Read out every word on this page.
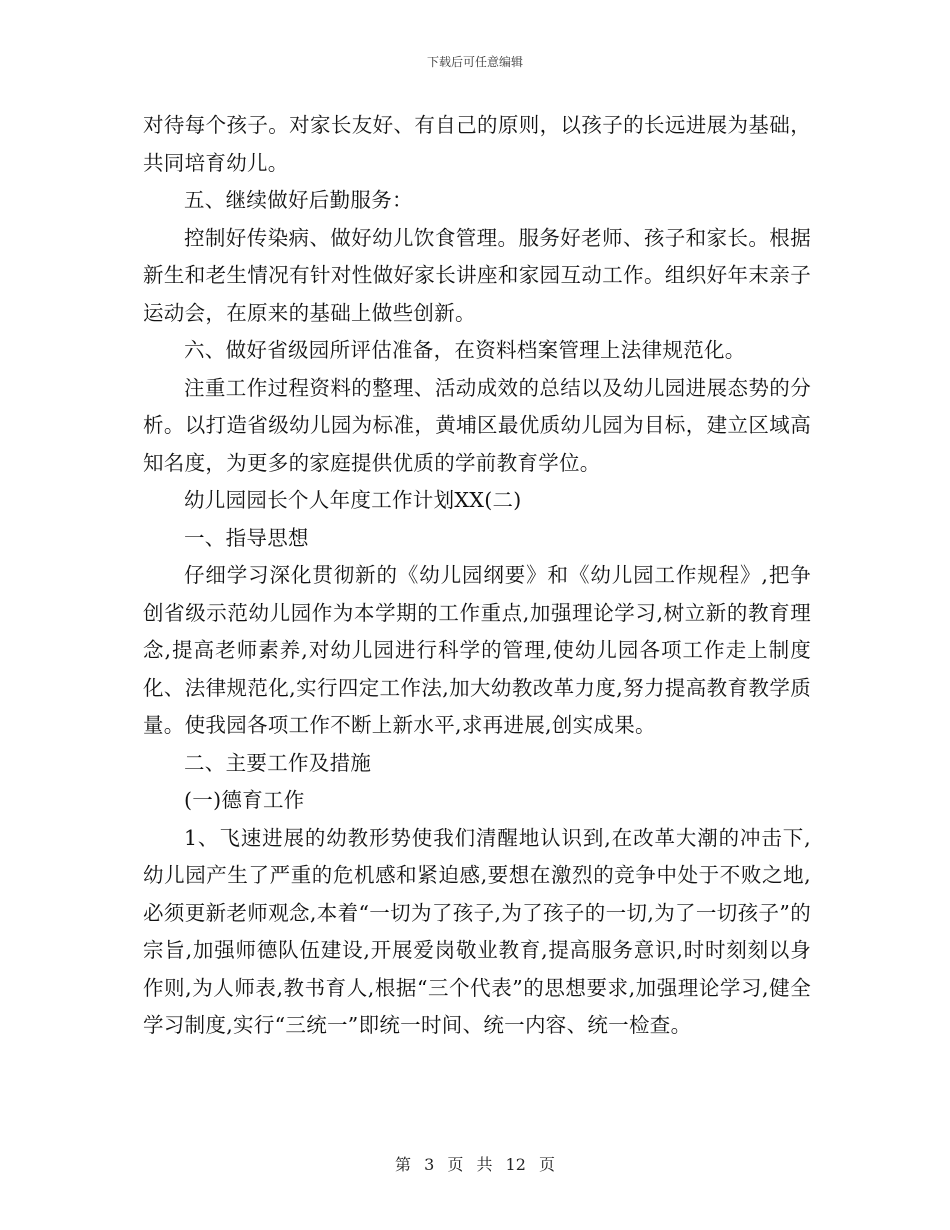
下载后可任意编辑

对待每个孩子。对家长友好、有自己的原则，以孩子的长远进展为基础，共同培育幼儿。

五、继续做好后勤服务：

控制好传染病、做好幼儿饮食管理。服务好老师、孩子和家长。根据新生和老生情况有针对性做好家长讲座和家园互动工作。组织好年末亲子运动会，在原来的基础上做些创新。

六、做好省级园所评估准备，在资料档案管理上法律规范化。

注重工作过程资料的整理、活动成效的总结以及幼儿园进展态势的分析。以打造省级幼儿园为标准，黄埔区最优质幼儿园为目标，建立区域高知名度，为更多的家庭提供优质的学前教育学位。

幼儿园园长个人年度工作计划XX(二)

一、指导思想

仔细学习深化贯彻新的《幼儿园纲要》和《幼儿园工作规程》,把争创省级示范幼儿园作为本学期的工作重点,加强理论学习,树立新的教育理念,提高老师素养,对幼儿园进行科学的管理,使幼儿园各项工作走上制度化、法律规范化,实行四定工作法,加大幼教改革力度,努力提高教育教学质量。使我园各项工作不断上新水平,求再进展,创实成果。

二、主要工作及措施

(一)德育工作

1、飞速进展的幼教形势使我们清醒地认识到,在改革大潮的冲击下,幼儿园产生了严重的危机感和紧迫感,要想在激烈的竞争中处于不败之地,必须更新老师观念,本着“一切为了孩子,为了孩子的一切,为了一切孩子”的宗旨,加强师德队伍建设,开展爱岗敬业教育,提高服务意识,时时刻刻以身作则,为人师表,教书育人,根据“三个代表”的思想要求,加强理论学习,健全学习制度,实行“三统一”即统一时间、统一内容、统一检查。

第 3 页 共 12 页
